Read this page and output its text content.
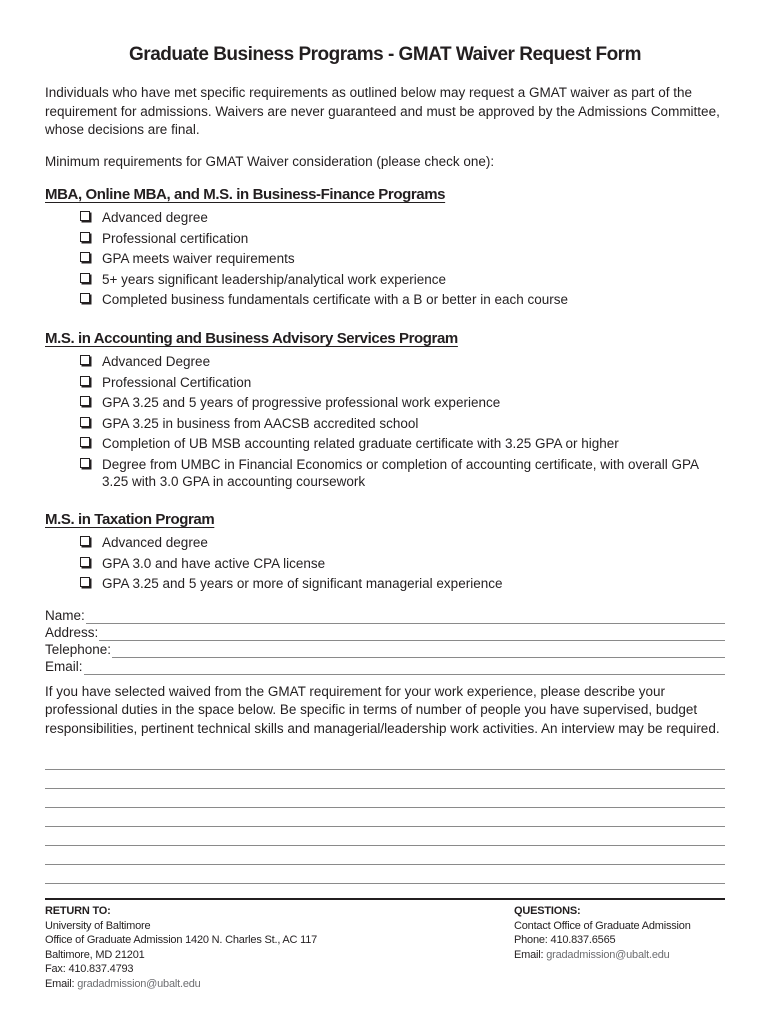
Graduate Business Programs - GMAT Waiver Request Form
Individuals who have met specific requirements as outlined below may request a GMAT waiver as part of the requirement for admissions. Waivers are never guaranteed and must be approved by the Admissions Committee, whose decisions are final.
Minimum requirements for GMAT Waiver consideration (please check one):
MBA, Online MBA, and M.S. in Business-Finance Programs
Advanced degree
Professional certification
GPA meets waiver requirements
5+ years significant leadership/analytical work experience
Completed business fundamentals certificate with a B or better in each course
M.S. in Accounting and Business Advisory Services Program
Advanced Degree
Professional Certification
GPA 3.25 and 5 years of progressive professional work experience
GPA 3.25 in business from AACSB accredited school
Completion of UB MSB accounting related graduate certificate with 3.25 GPA or higher
Degree from UMBC in Financial Economics or completion of accounting certificate, with overall GPA 3.25 with 3.0 GPA in accounting coursework
M.S. in Taxation Program
Advanced degree
GPA 3.0 and have active CPA license
GPA 3.25 and 5 years or more of significant managerial experience
Name:
Address:
Telephone:
Email:
If you have selected waived from the GMAT requirement for your work experience, please describe your professional duties in the space below. Be specific in terms of number of people you have supervised, budget responsibilities, pertinent technical skills and managerial/leadership work activities. An interview may be required.
RETURN TO:
University of Baltimore
Office of Graduate Admission 1420 N. Charles St., AC 117
Baltimore, MD 21201
Fax: 410.837.4793
Email: gradadmission@ubalt.edu
QUESTIONS:
Contact Office of Graduate Admission
Phone: 410.837.6565
Email: gradadmission@ubalt.edu
